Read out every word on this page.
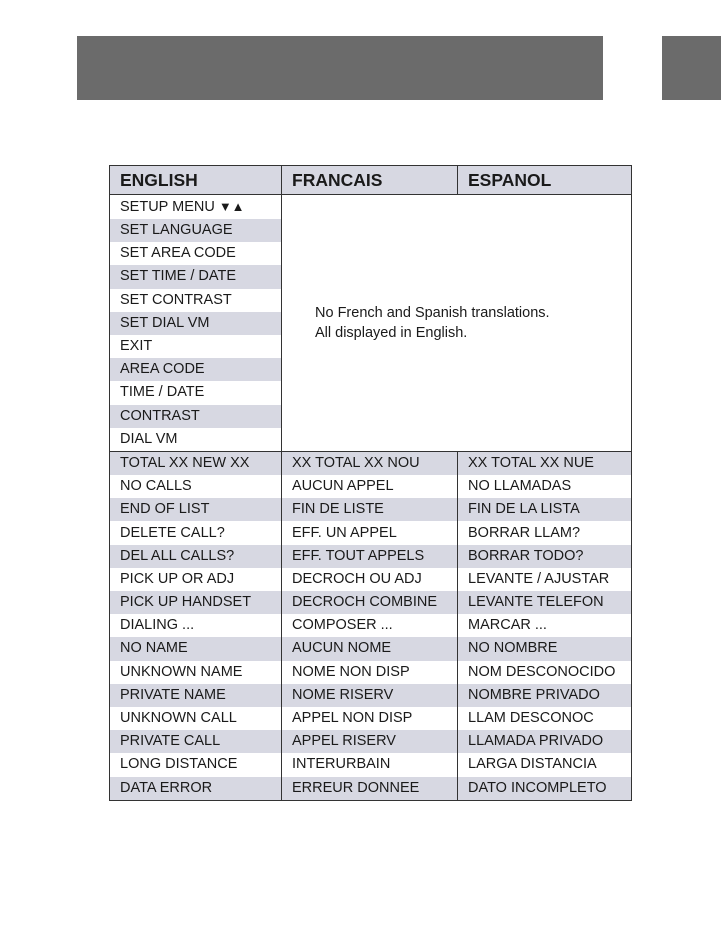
ENGLISH	FRANCAIS	ESPANOL
SETUP MENU ▼▲	No French and Spanish translations.
All displayed in English.	

SET LANGUAGE		
SET AREA CODE		
SET TIME / DATE		
SET CONTRAST		
SET DIAL VM		
EXIT		
AREA CODE		
TIME / DATE		
CONTRAST		
DIAL VM		
TOTAL XX NEW XX	XX TOTAL XX NOU	XX TOTAL XX NUE
NO CALLS	AUCUN APPEL	NO LLAMADAS
END OF LIST	FIN DE LISTE	FIN DE LA LISTA
DELETE CALL?	EFF. UN APPEL	BORRAR LLAM?
DEL ALL CALLS?	EFF. TOUT APPELS	BORRAR TODO?
PICK UP OR ADJ	DECROCH OU ADJ	LEVANTE / AJUSTAR
PICK UP HANDSET	DECROCH COMBINE	LEVANTE TELEFON
DIALING ...	COMPOSER ...	MARCAR ...
NO NAME	AUCUN NOME	NO NOMBRE
UNKNOWN NAME	NOME NON DISP	NOM DESCONOCIDO
PRIVATE NAME	NOME RISERV	NOMBRE PRIVADO
UNKNOWN CALL	APPEL NON DISP	LLAM DESCONOC
PRIVATE CALL	APPEL RISERV	LLAMADA PRIVADO
LONG DISTANCE	INTERURBAIN	LARGA DISTANCIA
DATA ERROR	ERREUR DONNEE	DATO INCOMPLETO
